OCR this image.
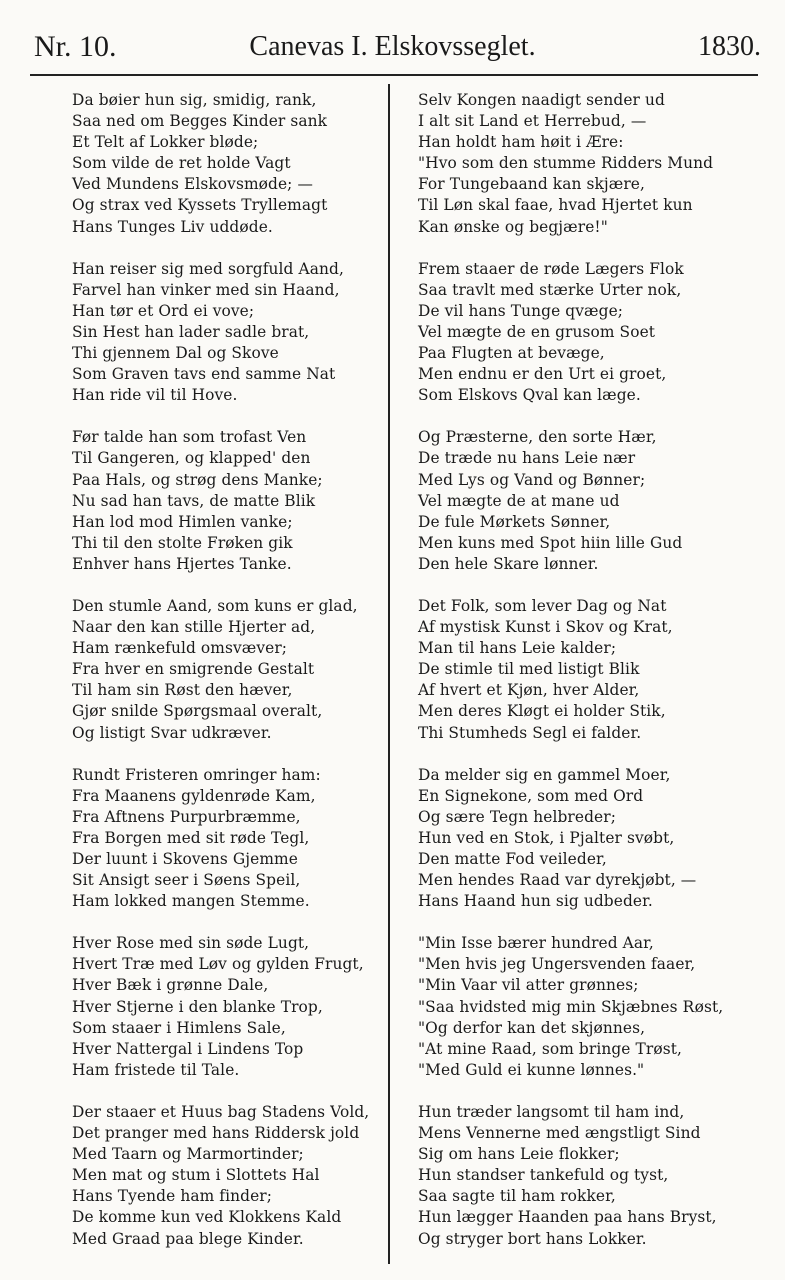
Nr. 10.	Canevas I. Elskovsseglet.	1830.
Da bøier hun sig, smidig, rank,
Saa ned om Begges Kinder sank
Et Telt af Lokker bløde;
Som vilde de ret holde Vagt
Ved Mundens Elskovsmøde; —
Og strax ved Kyssets Tryllemagt
Hans Tunges Liv uddøde.
Han reiser sig med sorgfuld Aand,
Farvel han vinker med sin Haand,
Han tør et Ord ei vove;
Sin Hest han lader sadle brat,
Thi gjennem Dal og Skove
Som Graven tavs end samme Nat
Han ride vil til Hove.
Før talde han som trofast Ven
Til Gangeren, og klapped' den
Paa Hals, og strøg dens Manke;
Nu sad han tavs, de matte Blik
Han lod mod Himlen vanke;
Thi til den stolte Frøken gik
Enhver hans Hjertes Tanke.
Den stumle Aand, som kuns er glad,
Naar den kan stille Hjerter ad,
Ham rænkefuld omsvæver;
Fra hver en smigrende Gestalt
Til ham sin Røst den hæver,
Gjør snilde Spørgsmaal overalt,
Og listigt Svar udkræver.
Rundt Fristeren omringer ham:
Fra Maanens gyldenrøde Kam,
Fra Aftnens Purpurbræmme,
Fra Borgen med sit røde Tegl,
Der luunt i Skovens Gjemme
Sit Ansigt seer i Søens Speil,
Ham lokked mangen Stemme.
Hver Rose med sin søde Lugt,
Hvert Træ med Løv og gylden Frugt,
Hver Bæk i grønne Dale,
Hver Stjerne i den blanke Trop,
Som staaer i Himlens Sale,
Hver Nattergal i Lindens Top
Ham fristede til Tale.
Der staaer et Huus bag Stadens Vold,
Det pranger med hans Riddersk jold
Med Taarn og Marmortinder;
Men mat og stum i Slottets Hal
Hans Tyende ham finder;
De komme kun ved Klokkens Kald
Med Graad paa blege Kinder.
Selv Kongen naadigt sender ud
I alt sit Land et Herrebud, —
Han holdt ham høit i Ære:
"Hvo som den stumme Ridders Mund
For Tungebaand kan skjære,
Til Løn skal faae, hvad Hjertet kun
Kan ønske og begjære!"
Frem staaer de røde Lægers Flok
Saa travlt med stærke Urter nok,
De vil hans Tunge qvæge;
Vel mægte de en grusom Soet
Paa Flugten at bevæge,
Men endnu er den Urt ei groet,
Som Elskovs Qval kan læge.
Og Præsterne, den sorte Hær,
De træde nu hans Leie nær
Med Lys og Vand og Bønner;
Vel mægte de at mane ud
De fule Mørkets Sønner,
Men kuns med Spot hiin lille Gud
Den hele Skare lønner.
Det Folk, som lever Dag og Nat
Af mystisk Kunst i Skov og Krat,
Man til hans Leie kalder;
De stimle til med listigt Blik
Af hvert et Kjøn, hver Alder,
Men deres Kløgt ei holder Stik,
Thi Stumheds Segl ei falder.
Da melder sig en gammel Moer,
En Signekone, som med Ord
Og sære Tegn helbreder;
Hun ved en Stok, i Pjalter svøbt,
Den matte Fod veileder,
Men hendes Raad var dyrekjøbt, —
Hans Haand hun sig udbeder.
"Min Isse bærer hundred Aar,
"Men hvis jeg Ungersvenden faaer,
"Min Vaar vil atter grønnes;
"Saa hvidsted mig min Skjæbnes Røst,
"Og derfor kan det skjønnes,
"At mine Raad, som bringe Trøst,
"Med Guld ei kunne lønnes."
Hun træder langsomt til ham ind,
Mens Vennerne med ængstligt Sind
Sig om hans Leie flokker;
Hun standser tankefuld og tyst,
Saa sagte til ham rokker,
Hun lægger Haanden paa hans Bryst,
Og stryger bort hans Lokker.
